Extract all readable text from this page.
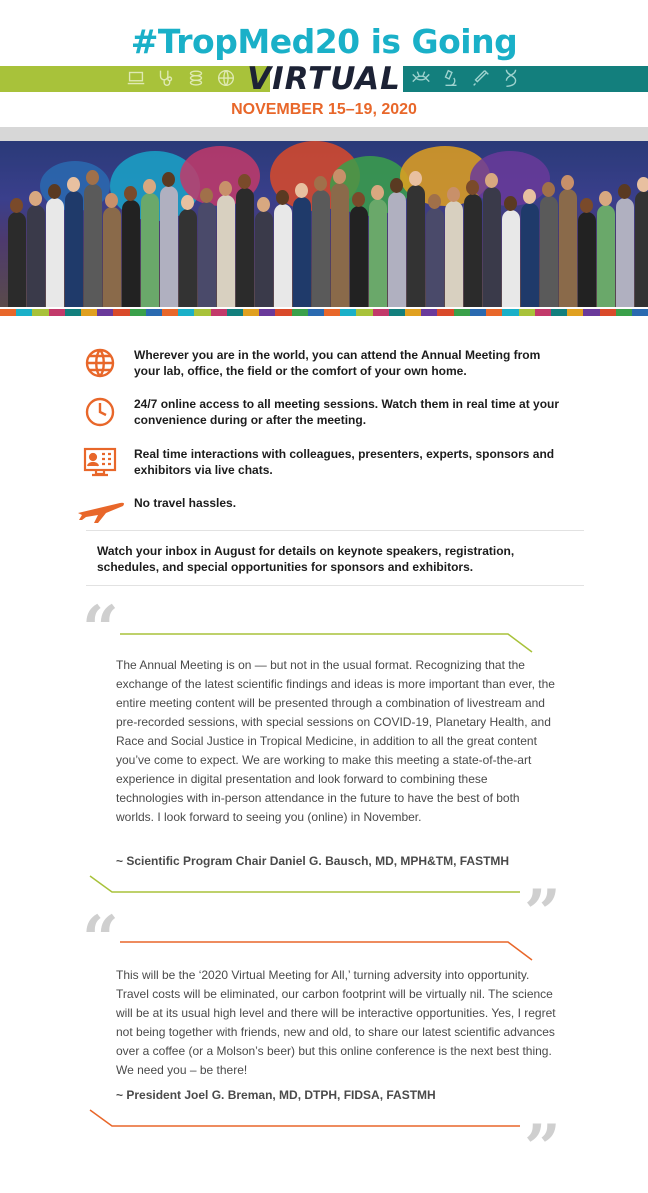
#TropMed20 is Going
VIRTUAL
NOVEMBER 15–19, 2020

Wherever you are in the world, you can attend the Annual Meeting from your lab, office, the field or the comfort of your own home.

24/7 online access to all meeting sessions. Watch them in real time at your convenience during or after the meeting.

Real time interactions with colleagues, presenters, experts, sponsors and exhibitors via live chats.

No travel hassles.

Watch your inbox in August for details on keynote speakers, registration, schedules, and special opportunities for sponsors and exhibitors.
“
The Annual Meeting is on — but not in the usual format. Recognizing that the exchange of the latest scientific findings and ideas is more important than ever, the entire meeting content will be presented through a combination of livestream and pre-recorded sessions, with special sessions on COVID-19, Planetary Health, and Race and Social Justice in Tropical Medicine, in addition to all the great content you’ve come to expect. We are working to make this meeting a state-of-the-art experience in digital presentation and look forward to combining these technologies with in-person attendance in the future to have the best of both worlds. I look forward to seeing you (online) in November.
~ Scientific Program Chair Daniel G. Bausch, MD, MPH&TM, FASTMH
”
“
This will be the ‘2020 Virtual Meeting for All,’ turning adversity into opportunity. Travel costs will be eliminated, our carbon footprint will be virtually nil. The science will be at its usual high level and there will be interactive opportunities. Yes, I regret not being together with friends, new and old, to share our latest scientific advances over a coffee (or a Molson’s beer) but this online conference is the next best thing. We need you – be there!
~ President Joel G. Breman, MD, DTPH, FIDSA, FASTMH
”
